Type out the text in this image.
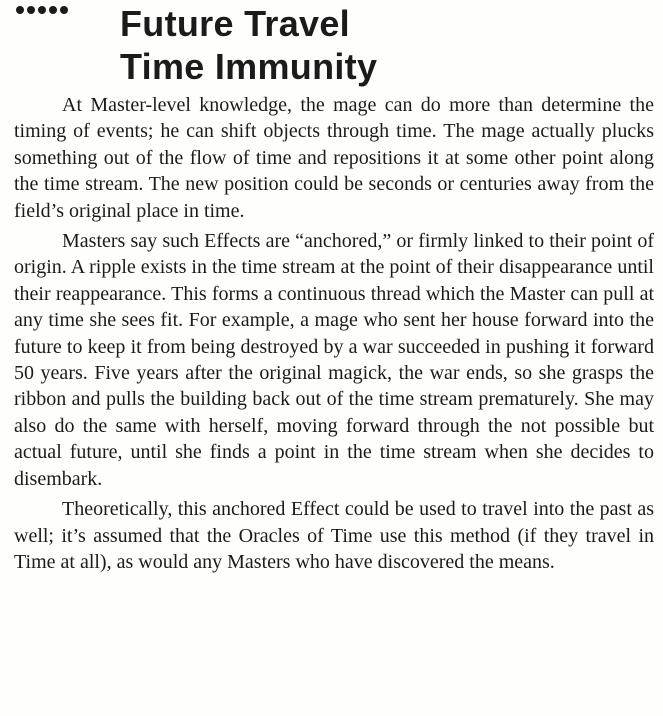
Future Travel
Time Immunity

At Master-level knowledge, the mage can do more than determine the timing of events; he can shift objects through time. The mage actually plucks something out of the flow of time and repositions it at some other point along the time stream. The new position could be seconds or centuries away from the field’s original place in time.

Masters say such Effects are “anchored,” or firmly linked to their point of origin. A ripple exists in the time stream at the point of their disappearance until their reappearance. This forms a continuous thread which the Master can pull at any time she sees fit. For example, a mage who sent her house forward into the future to keep it from being destroyed by a war succeeded in pushing it forward 50 years. Five years after the original magick, the war ends, so she grasps the ribbon and pulls the building back out of the time stream prematurely. She may also do the same with herself, moving forward through the not possible but actual future, until she finds a point in the time stream when she decides to disembark.

Theoretically, this anchored Effect could be used to travel into the past as well; it’s assumed that the Oracles of Time use this method (if they travel in Time at all), as would any Masters who have discovered the means.
